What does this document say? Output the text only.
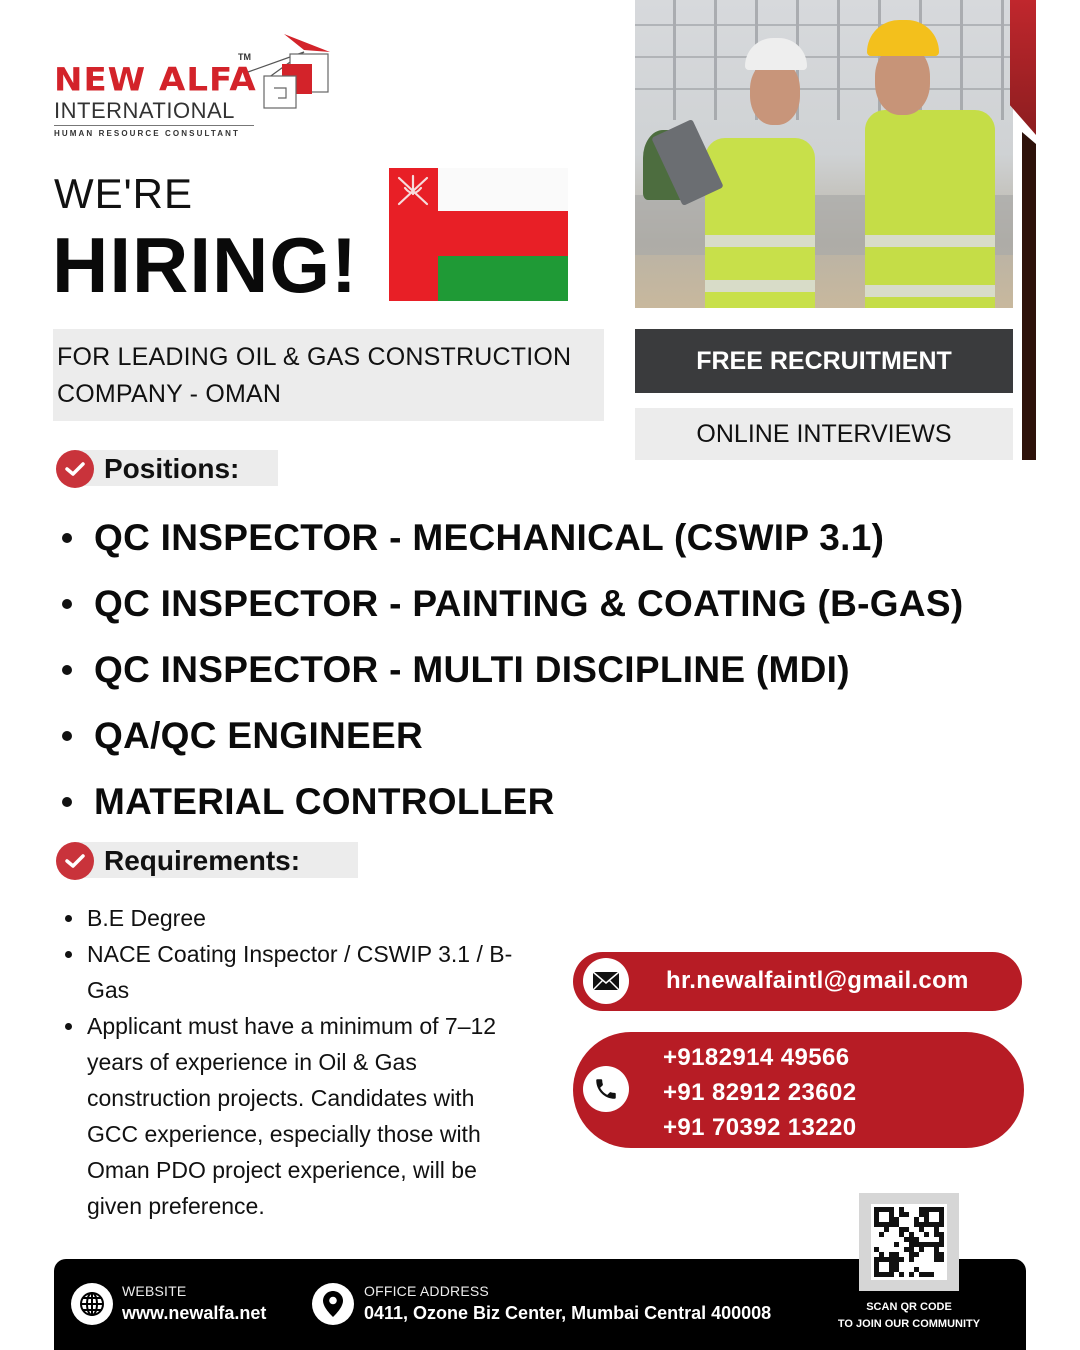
NEW ALFA
TM
INTERNATIONAL
HUMAN RESOURCE CONSULTANT
WE'RE
HIRING!
FOR LEADING OIL & GAS CONSTRUCTION
COMPANY - OMAN
FREE RECRUITMENT
ONLINE INTERVIEWS
Positions:
QC INSPECTOR - MECHANICAL (CSWIP 3.1)
QC INSPECTOR - PAINTING & COATING (B-GAS)
QC INSPECTOR - MULTI DISCIPLINE (MDI)
QA/QC ENGINEER
MATERIAL CONTROLLER
Requirements:
B.E Degree
NACE Coating Inspector / CSWIP 3.1 / B-Gas
Applicant must have a minimum of 7–12 years of experience in Oil & Gas construction projects. Candidates with GCC experience, especially those with Oman PDO project experience, will be given preference.
hr.newalfaintl@gmail.com
+9182914 49566
+91 82912 23602
+91 70392 13220
WEBSITE
www.newalfa.net
OFFICE ADDRESS
0411, Ozone Biz Center, Mumbai Central 400008	SCAN QR CODE
TO JOIN OUR COMMUNITY
